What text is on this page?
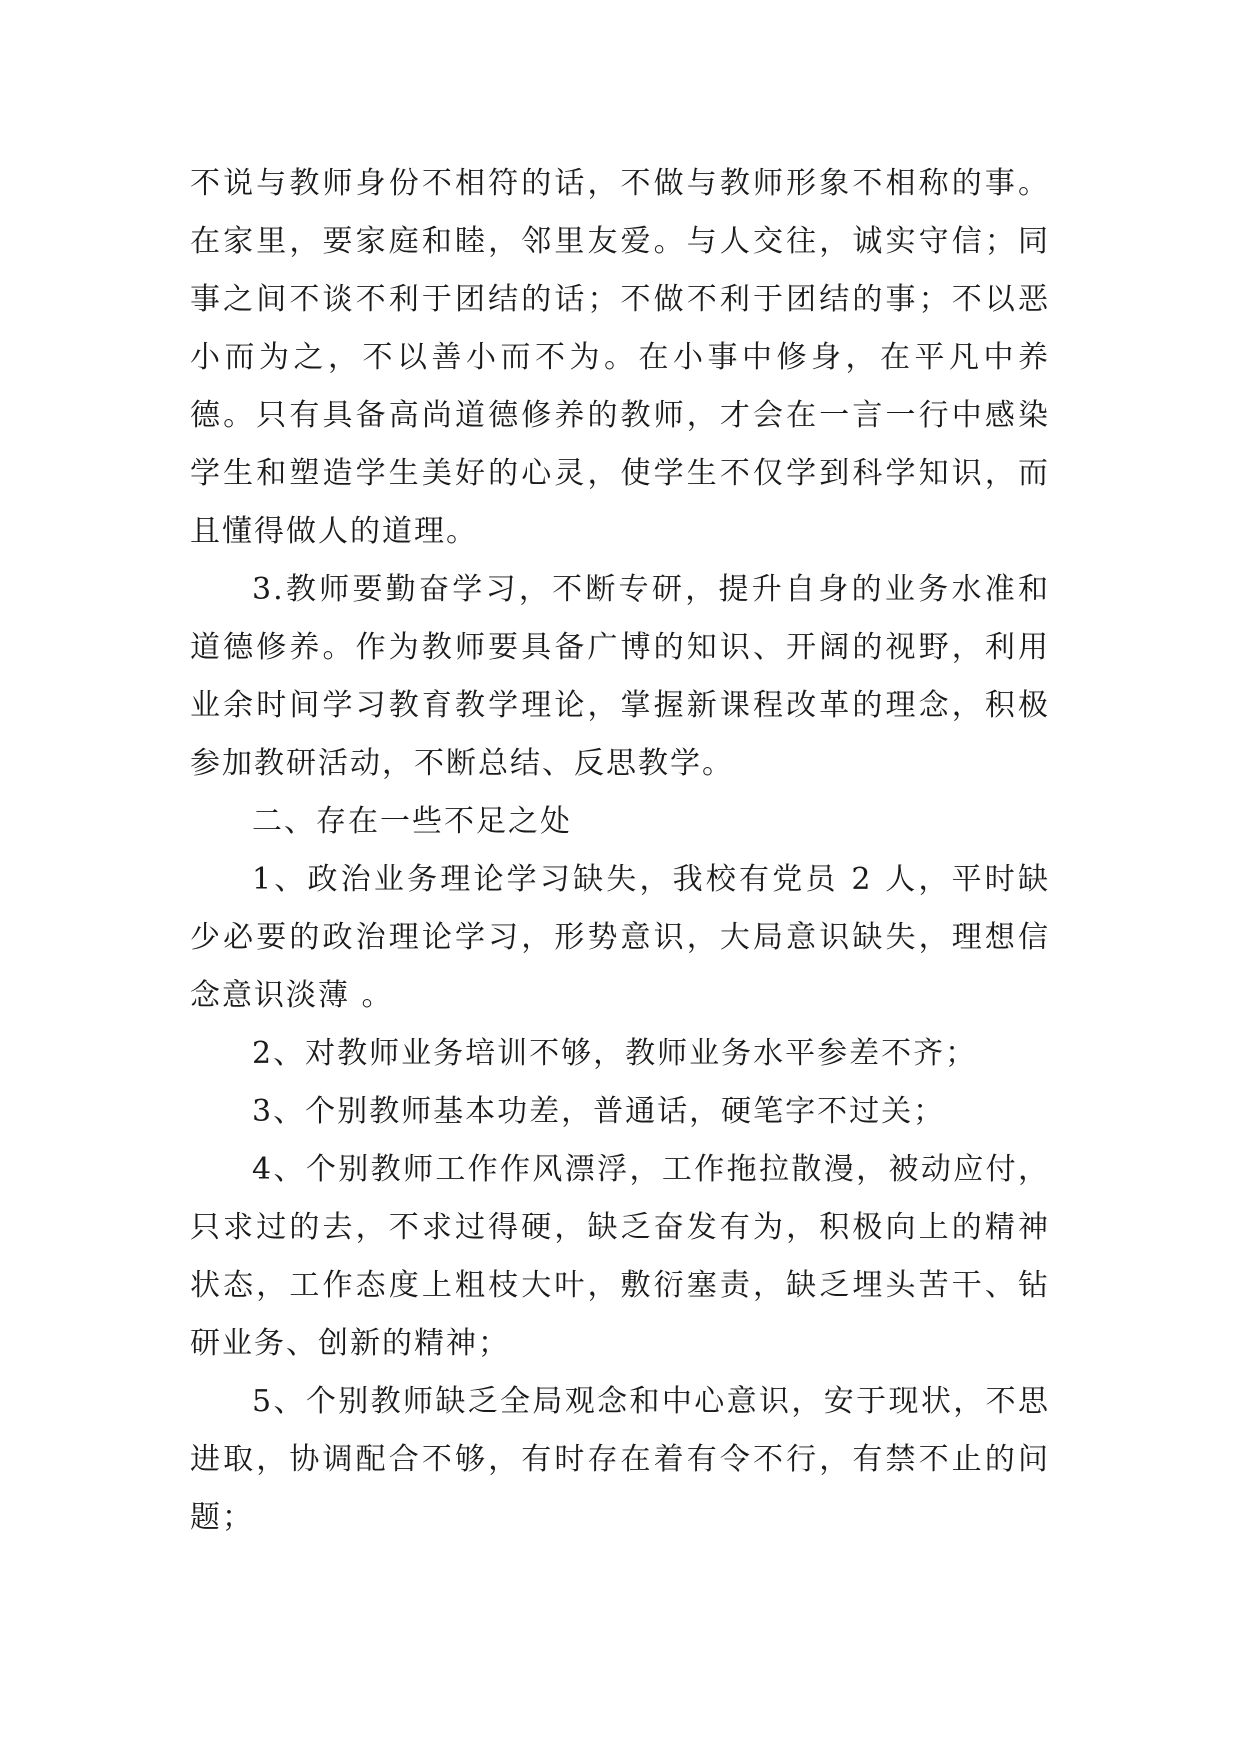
不说与教师身份不相符的话，不做与教师形象不相称的事。在家里，要家庭和睦，邻里友爱。与人交往，诚实守信；同事之间不谈不利于团结的话；不做不利于团结的事；不以恶小而为之，不以善小而不为。在小事中修身，在平凡中养德。只有具备高尚道德修养的教师，才会在一言一行中感染学生和塑造学生美好的心灵，使学生不仅学到科学知识，而且懂得做人的道理。

3.教师要勤奋学习，不断专研，提升自身的业务水准和道德修养。作为教师要具备广博的知识、开阔的视野，利用业余时间学习教育教学理论，掌握新课程改革的理念，积极参加教研活动，不断总结、反思教学。

二、存在一些不足之处

1、政治业务理论学习缺失，我校有党员 2 人，平时缺少必要的政治理论学习，形势意识，大局意识缺失，理想信念意识淡薄 。

2、对教师业务培训不够，教师业务水平参差不齐；

3、个别教师基本功差，普通话，硬笔字不过关；

4、个别教师工作作风漂浮，工作拖拉散漫，被动应付，只求过的去，不求过得硬，缺乏奋发有为，积极向上的精神状态，工作态度上粗枝大叶，敷衍塞责，缺乏埋头苦干、钻研业务、创新的精神；

5、个别教师缺乏全局观念和中心意识，安于现状，不思进取，协调配合不够，有时存在着有令不行，有禁不止的问题；
